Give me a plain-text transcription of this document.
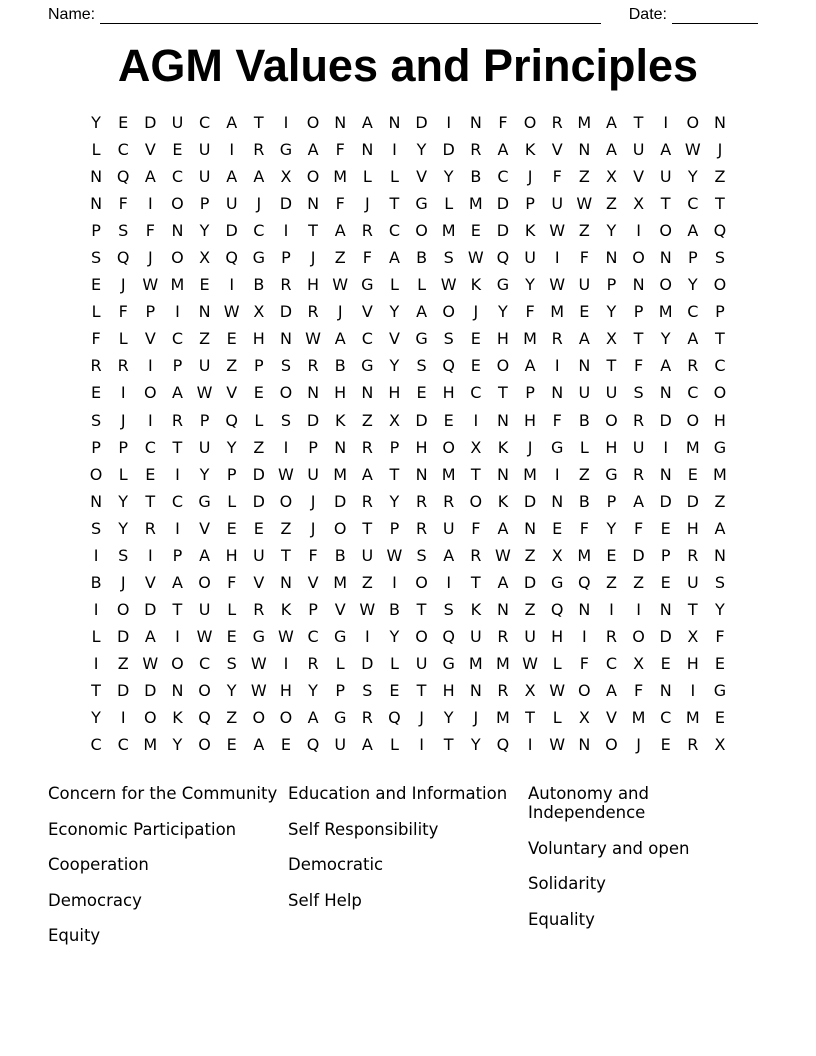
Name:	Date:
AGM Values and Principles
Y	E D U C	A	T	I	O N A N D	I	N	F	O R M A	T	I	O N
L	C	V	E	U	I	R G A	F	N	I	Y	D R	A	K	V N A U A W	J
N Q A	C U A	A	X O M L	L	V	Y	B	C	J	F	Z	X	V U	Y	Z
N	F	I	O	P	U	J	D N	F	J	T	G	L M D	P	U W Z	X	T	C	T
P	S	F	N	Y	D C	I	T	A	R C O M E D K W Z	Y	I	O A Q
S Q	J	O X Q G	P	J	Z	F	A	B	S W Q U	I	F	N O N	P	S
E	J	W M E	I	B	R H W G	L	L W K G	Y W U	P	N O Y O
L	F	P	I	N W X D R	J	V	Y	A O	J	Y	F M E	Y	P M C	P
F	L	V	C	Z	E	H N W A	C	V G S	E	H M R	A	X	T	Y	A	T
R	R	I	P	U Z	P	S	R	B G	Y	S Q E O A	I	N	T	F	A	R C
E	I	O A W V	E O N H N H	E	H C	T	P	N U U	S	N C O
S	J	I	R	P	Q	L	S D K	Z	X D E	I	N H	F	B O R D O H
P	P	C	T	U	Y	Z	I	P	N R	P	H O X	K	J	G	L	H U	I	M G
O	L	E	I	Y	P	D W U M A	T	N M T	N M	I	Z G R N	E M
N	Y	T	C G	L	D O	J	D R	Y	R	R O K D N B	P	A D D Z
S	Y	R	I	V	E	E	Z	J	O T	P	R U	F	A N	E	F	Y	F	E	H A
I	S	I	P	A H U	T	F	B U W S	A	R W Z	X M E D	P	R N
B	J	V	A O	F	V N V M Z	I	O	I	T	A D G Q Z	Z	E	U	S
I	O D	T	U	L	R	K	P	V W B	T	S	K N Z Q N	I	I	N	T	Y
L	D A	I	W E G W C G	I	Y O Q U R U H	I	R O D X	F
I	Z W O C	S W	I	R	L	D	L	U G M M W L	F	C	X	E	H	E
T	D D N O Y W H	Y	P	S	E	T	H N R	X W O A	F	N	I	G
Y	I	O K Q Z O O A G R Q	J	Y	J	M T	L	X	V M C M E
C C M Y O E	A	E Q U A	L	I	T	Y Q	I	W N O	J	E	R	X
Concern for the Community
Economic Participation
Cooperation
Democracy
Equity
Education and Information
Self Responsibility
Democratic
Self Help
Autonomy and Independence
Voluntary and open
Solidarity
Equality
